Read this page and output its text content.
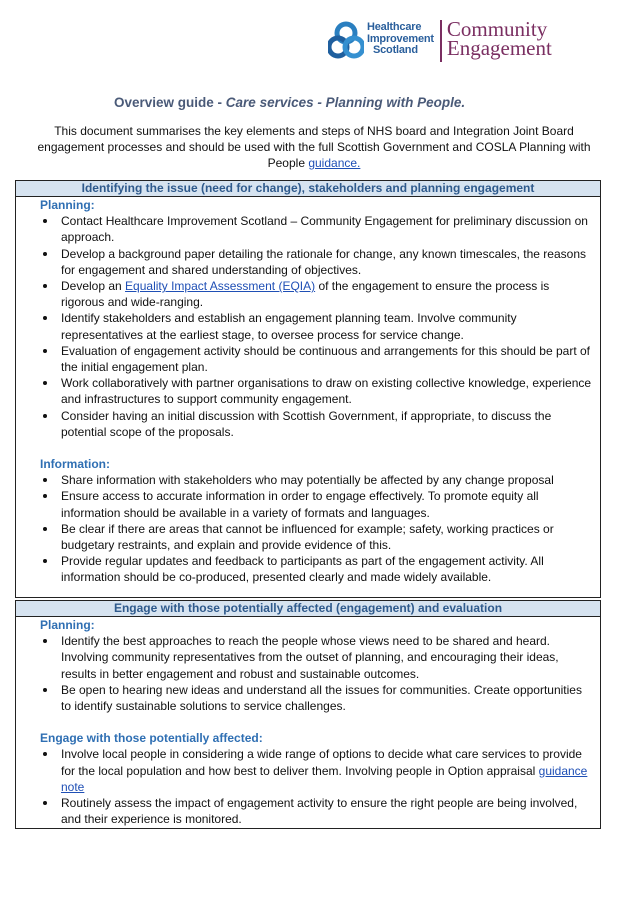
Healthcare
Improvement
Scotland
Community
Engagement
Overview guide - Care services - Planning with People.
This document summarises the key elements and steps of NHS board and Integration Joint Board engagement processes and should be used with the full Scottish Government and COSLA Planning with People guidance.
Identifying the issue (need for change), stakeholders and planning engagement
Planning:
Contact Healthcare Improvement Scotland – Community Engagement for preliminary discussion on approach.
Develop a background paper detailing the rationale for change, any known timescales, the reasons for engagement and shared understanding of objectives.
Develop an Equality Impact Assessment (EQIA) of the engagement to ensure the process is rigorous and wide-ranging.
Identify stakeholders and establish an engagement planning team. Involve community representatives at the earliest stage, to oversee process for service change.
Evaluation of engagement activity should be continuous and arrangements for this should be part of the initial engagement plan.
Work collaboratively with partner organisations to draw on existing collective knowledge, experience and infrastructures to support community engagement.
Consider having an initial discussion with Scottish Government, if appropriate, to discuss the potential scope of the proposals.
Information:
Share information with stakeholders who may potentially be affected by any change proposal
Ensure access to accurate information in order to engage effectively. To promote equity all information should be available in a variety of formats and languages.
Be clear if there are areas that cannot be influenced for example; safety, working practices or budgetary restraints, and explain and provide evidence of this.
Provide regular updates and feedback to participants as part of the engagement activity. All information should be co-produced, presented clearly and made widely available.
Engage with those potentially affected (engagement) and evaluation
Planning:
Identify the best approaches to reach the people whose views need to be shared and heard. Involving community representatives from the outset of planning, and encouraging their ideas, results in better engagement and robust and sustainable outcomes.
Be open to hearing new ideas and understand all the issues for communities. Create opportunities to identify sustainable solutions to service challenges.
Engage with those potentially affected:
Involve local people in considering a wide range of options to decide what care services to provide for the local population and how best to deliver them. Involving people in Option appraisal guidance note
Routinely assess the impact of engagement activity to ensure the right people are being involved, and their experience is monitored.
